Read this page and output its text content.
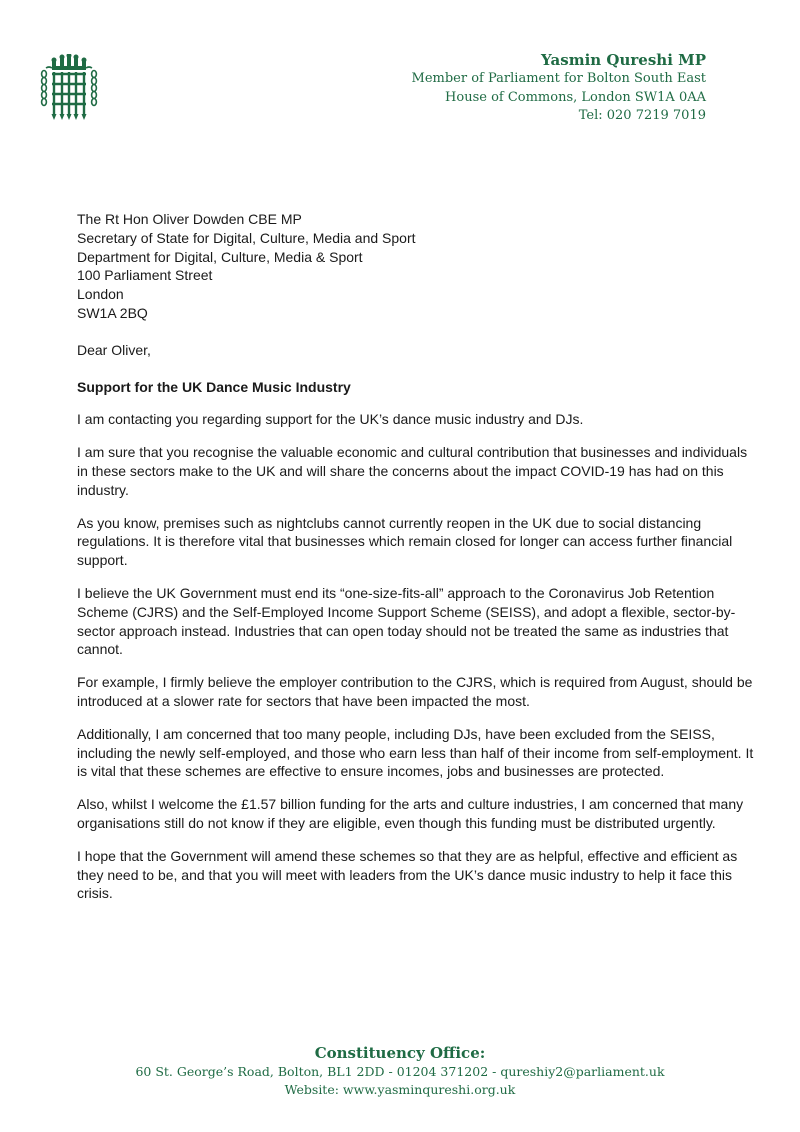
Yasmin Qureshi MP

Member of Parliament for Bolton South East

House of Commons, London SW1A 0AA

Tel: 020 7219 7019

The Rt Hon Oliver Dowden CBE MP

Secretary of State for Digital, Culture, Media and Sport

Department for Digital, Culture, Media & Sport

100 Parliament Street

London

SW1A 2BQ

Dear Oliver,

Support for the UK Dance Music Industry

I am contacting you regarding support for the UK’s dance music industry and DJs.

I am sure that you recognise the valuable economic and cultural contribution that businesses and individuals in these sectors make to the UK and will share the concerns about the impact COVID-19 has had on this industry.

As you know, premises such as nightclubs cannot currently reopen in the UK due to social distancing regulations. It is therefore vital that businesses which remain closed for longer can access further financial support.

I believe the UK Government must end its “one-size-fits-all” approach to the Coronavirus Job Retention Scheme (CJRS) and the Self-Employed Income Support Scheme (SEISS), and adopt a flexible, sector-by-sector approach instead. Industries that can open today should not be treated the same as industries that cannot.

For example, I firmly believe the employer contribution to the CJRS, which is required from August, should be introduced at a slower rate for sectors that have been impacted the most.

Additionally, I am concerned that too many people, including DJs, have been excluded from the SEISS, including the newly self-employed, and those who earn less than half of their income from self-employment. It is vital that these schemes are effective to ensure incomes, jobs and businesses are protected.

Also, whilst I welcome the £1.57 billion funding for the arts and culture industries, I am concerned that many organisations still do not know if they are eligible, even though this funding must be distributed urgently.

I hope that the Government will amend these schemes so that they are as helpful, effective and efficient as they need to be, and that you will meet with leaders from the UK’s dance music industry to help it face this crisis.

Constituency Office:

60 St. George’s Road, Bolton, BL1 2DD - 01204 371202 - qureshiy2@parliament.uk

Website: www.yasminqureshi.org.uk
